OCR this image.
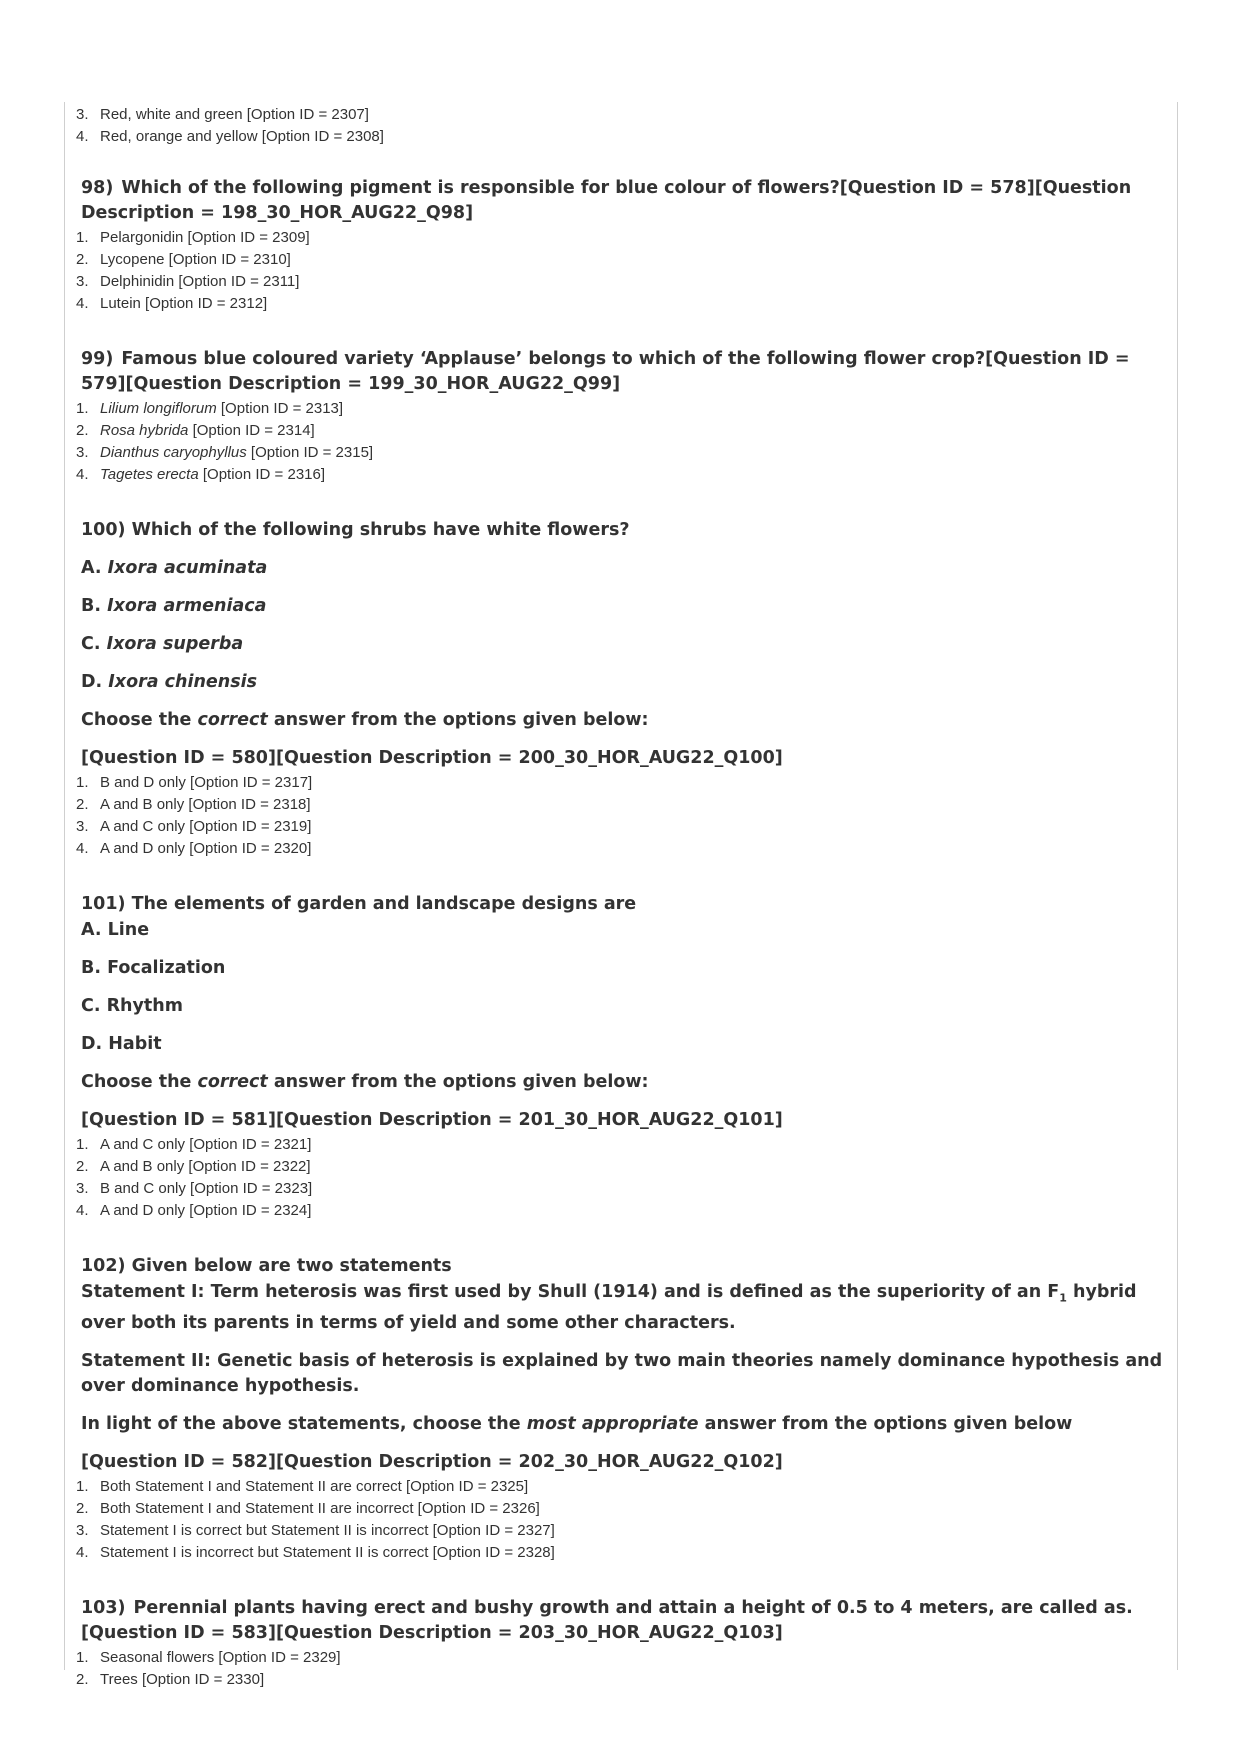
3. Red, white and green [Option ID = 2307]
4. Red, orange and yellow [Option ID = 2308]

98) Which of the following pigment is responsible for blue colour of flowers?[Question ID = 578][Question Description = 198_30_HOR_AUG22_Q98]

1. Pelargonidin [Option ID = 2309]
2. Lycopene [Option ID = 2310]
3. Delphinidin [Option ID = 2311]
4. Lutein [Option ID = 2312]

99) Famous blue coloured variety ‘Applause’ belongs to which of the following flower crop?[Question ID = 579][Question Description = 199_30_HOR_AUG22_Q99]

1. Lilium longiflorum [Option ID = 2313]
2. Rosa hybrida [Option ID = 2314]
3. Dianthus caryophyllus [Option ID = 2315]
4. Tagetes erecta [Option ID = 2316]

100) Which of the following shrubs have white flowers?

A. Ixora acuminata

B. Ixora armeniaca

C. Ixora superba

D. Ixora chinensis

Choose the correct answer from the options given below:

[Question ID = 580][Question Description = 200_30_HOR_AUG22_Q100]

1. B and D only [Option ID = 2317]
2. A and B only [Option ID = 2318]
3. A and C only [Option ID = 2319]
4. A and D only [Option ID = 2320]

101) The elements of garden and landscape designs are

A. Line

B. Focalization

C. Rhythm

D. Habit

Choose the correct answer from the options given below:

[Question ID = 581][Question Description = 201_30_HOR_AUG22_Q101]

1. A and C only [Option ID = 2321]
2. A and B only [Option ID = 2322]
3. B and C only [Option ID = 2323]
4. A and D only [Option ID = 2324]

102) Given below are two statements

Statement I: Term heterosis was first used by Shull (1914) and is defined as the superiority of an $F_1$ hybrid over both its parents in terms of yield and some other characters.

Statement II: Genetic basis of heterosis is explained by two main theories namely dominance hypothesis and over dominance hypothesis.

In light of the above statements, choose the most appropriate answer from the options given below

[Question ID = 582][Question Description = 202_30_HOR_AUG22_Q102]

1. Both Statement I and Statement II are correct [Option ID = 2325]
2. Both Statement I and Statement II are incorrect [Option ID = 2326]
3. Statement I is correct but Statement II is incorrect [Option ID = 2327]
4. Statement I is incorrect but Statement II is correct [Option ID = 2328]

103) Perennial plants having erect and bushy growth and attain a height of 0.5 to 4 meters, are called as.[Question ID = 583][Question Description = 203_30_HOR_AUG22_Q103]

1. Seasonal flowers [Option ID = 2329]
2. Trees [Option ID = 2330]
